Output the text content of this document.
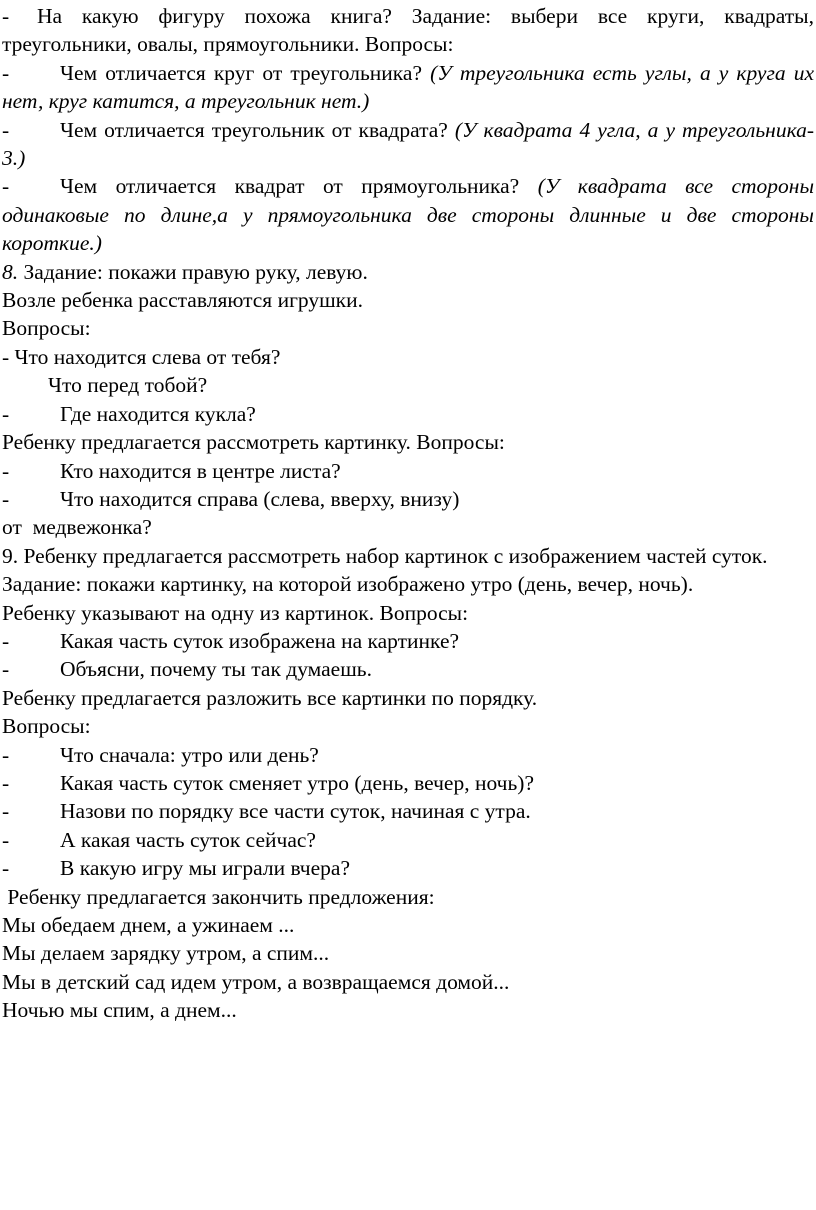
- На какую фигуру похожа книга? Задание: выбери все круги, квадраты, треугольники, овалы, прямоугольники. Вопросы:
- Чем отличается круг от треугольника? (У треугольника есть углы, а у круга их нет, круг катится, а треугольник нет.)
- Чем отличается треугольник от квадрата? (У квадрата 4 угла, а у треугольника- 3.)
- Чем отличается квадрат от прямоугольника? (У квадрата все стороны одинаковые по длине,а у прямоугольника две стороны длинные и две стороны короткие.)
8. Задание: покажи правую руку, левую.
Возле ребенка расставляются игрушки.
Вопросы:
- Что находится слева от тебя?
Что перед тобой?
- Где находится кукла?
Ребенку предлагается рассмотреть картинку. Вопросы:
- Кто находится в центре листа?
- Что находится справа (слева, вверху, внизу)
от  медвежонка?
9. Ребенку предлагается рассмотреть набор картинок с изображением частей суток.
Задание: покажи картинку, на которой изображено утро (день, вечер, ночь).
Ребенку указывают на одну из картинок. Вопросы:
- Какая часть суток изображена на картинке?
- Объясни, почему ты так думаешь.
Ребенку предлагается разложить все картинки по порядку.
Вопросы:
- Что сначала: утро или день?
- Какая часть суток сменяет утро (день, вечер, ночь)?
- Назови по порядку все части суток, начиная с утра.
- А какая часть суток сейчас?
- В какую игру мы играли вчера?
Ребенку предлагается закончить предложения:
Мы обедаем днем, а ужинаем ...
Мы делаем зарядку утром, а спим...
Мы в детский сад идем утром, а возвращаемся домой...
Ночью мы спим, а днем...
